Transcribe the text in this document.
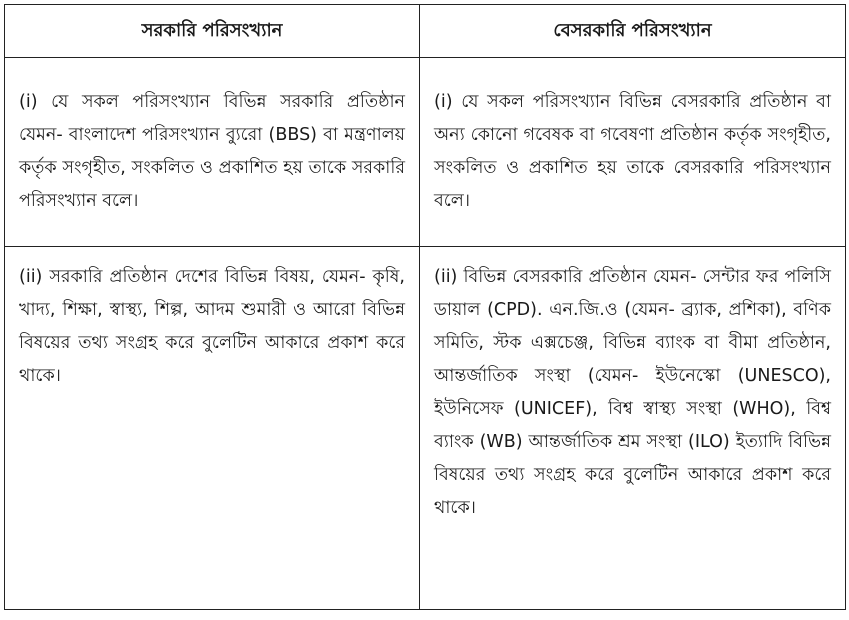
সরকারি পরিসংখ্যান	বেসরকারি পরিসংখ্যান
(i) যে সকল পরিসংখ্যান বিভিন্ন সরকারি প্রতিষ্ঠান যেমন- বাংলাদেশ পরিসংখ্যান ব্যুরো (BBS) বা মন্ত্রণালয় কর্তৃক সংগৃহীত, সংকলিত ও প্রকাশিত হয় তাকে সরকারি পরিসংখ্যান বলে।	(i) যে সকল পরিসংখ্যান বিভিন্ন বেসরকারি প্রতিষ্ঠান বা অন্য কোনো গবেষক বা গবেষণা প্রতিষ্ঠান কর্তৃক সংগৃহীত, সংকলিত ও প্রকাশিত হয় তাকে বেসরকারি পরিসংখ্যান বলে।
(ii) সরকারি প্রতিষ্ঠান দেশের বিভিন্ন বিষয়, যেমন- কৃষি, খাদ্য, শিক্ষা, স্বাস্থ্য, শিল্প, আদম শুমারী ও আরো বিভিন্ন বিষয়ের তথ্য সংগ্রহ করে বুলেটিন আকারে প্রকাশ করে থাকে।	(ii) বিভিন্ন বেসরকারি প্রতিষ্ঠান যেমন- সেন্টার ফর পলিসি ডায়াল (CPD). এন.জি.ও (যেমন- ব্র্যাক, প্রশিকা), বণিক সমিতি, স্টক এক্সচেঞ্জ, বিভিন্ন ব্যাংক বা বীমা প্রতিষ্ঠান, আন্তর্জাতিক সংস্থা (যেমন- ইউনেস্কো (UNESCO), ইউনিসেফ (UNICEF), বিশ্ব স্বাস্থ্য সংস্থা (WHO), বিশ্ব ব্যাংক (WB) আন্তর্জাতিক শ্রম সংস্থা (ILO) ইত্যাদি বিভিন্ন বিষয়ের তথ্য সংগ্রহ করে বুলেটিন আকারে প্রকাশ করে থাকে।
